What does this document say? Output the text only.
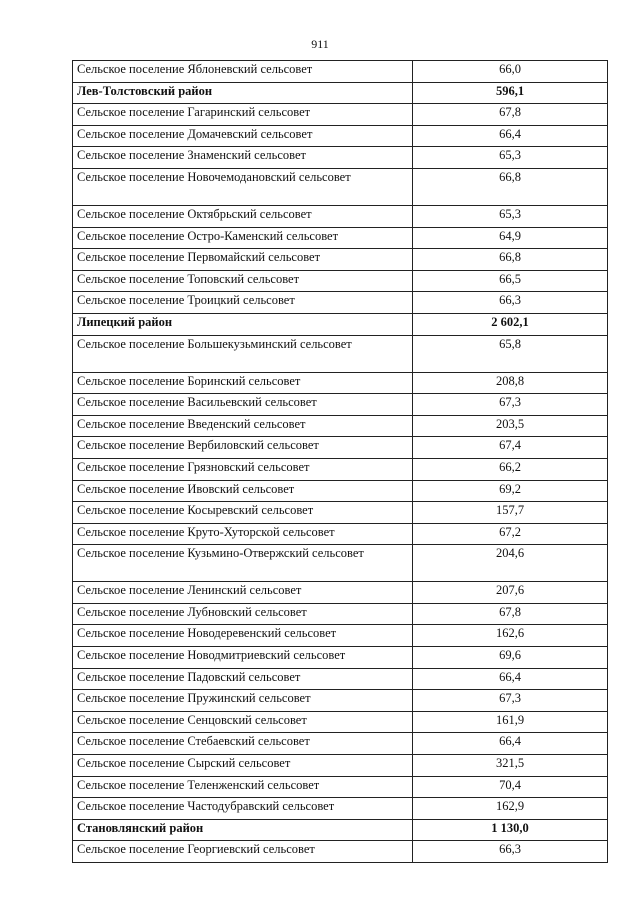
911
Сельское поселение Яблоневский сельсовет	66,0
Лев-Толстовский район	596,1
Сельское поселение Гагаринский сельсовет	67,8
Сельское поселение Домачевский сельсовет	66,4
Сельское поселение Знаменский сельсовет	65,3
Сельское поселение Новочемодановский сельсовет	66,8
Сельское поселение Октябрьский сельсовет	65,3
Сельское поселение Остро-Каменский сельсовет	64,9
Сельское поселение Первомайский сельсовет	66,8
Сельское поселение Топовский сельсовет	66,5
Сельское поселение Троицкий сельсовет	66,3
Липецкий район	2 602,1
Сельское поселение Большекузьминский сельсовет	65,8
Сельское поселение Боринский сельсовет	208,8
Сельское поселение Васильевский сельсовет	67,3
Сельское поселение Введенский сельсовет	203,5
Сельское поселение Вербиловский сельсовет	67,4
Сельское поселение Грязновский сельсовет	66,2
Сельское поселение Ивовский сельсовет	69,2
Сельское поселение Косыревский сельсовет	157,7
Сельское поселение Круто-Хуторской сельсовет	67,2
Сельское поселение Кузьмино-Отвержский сельсовет	204,6
Сельское поселение Ленинский сельсовет	207,6
Сельское поселение Лубновский сельсовет	67,8
Сельское поселение Новодеревенский сельсовет	162,6
Сельское поселение Новодмитриевский сельсовет	69,6
Сельское поселение Падовский сельсовет	66,4
Сельское поселение Пружинский сельсовет	67,3
Сельское поселение Сенцовский сельсовет	161,9
Сельское поселение Стебаевский сельсовет	66,4
Сельское поселение Сырский сельсовет	321,5
Сельское поселение Теленженский сельсовет	70,4
Сельское поселение Частодубравский сельсовет	162,9
Становлянский район	1 130,0
Сельское поселение Георгиевский сельсовет	66,3
